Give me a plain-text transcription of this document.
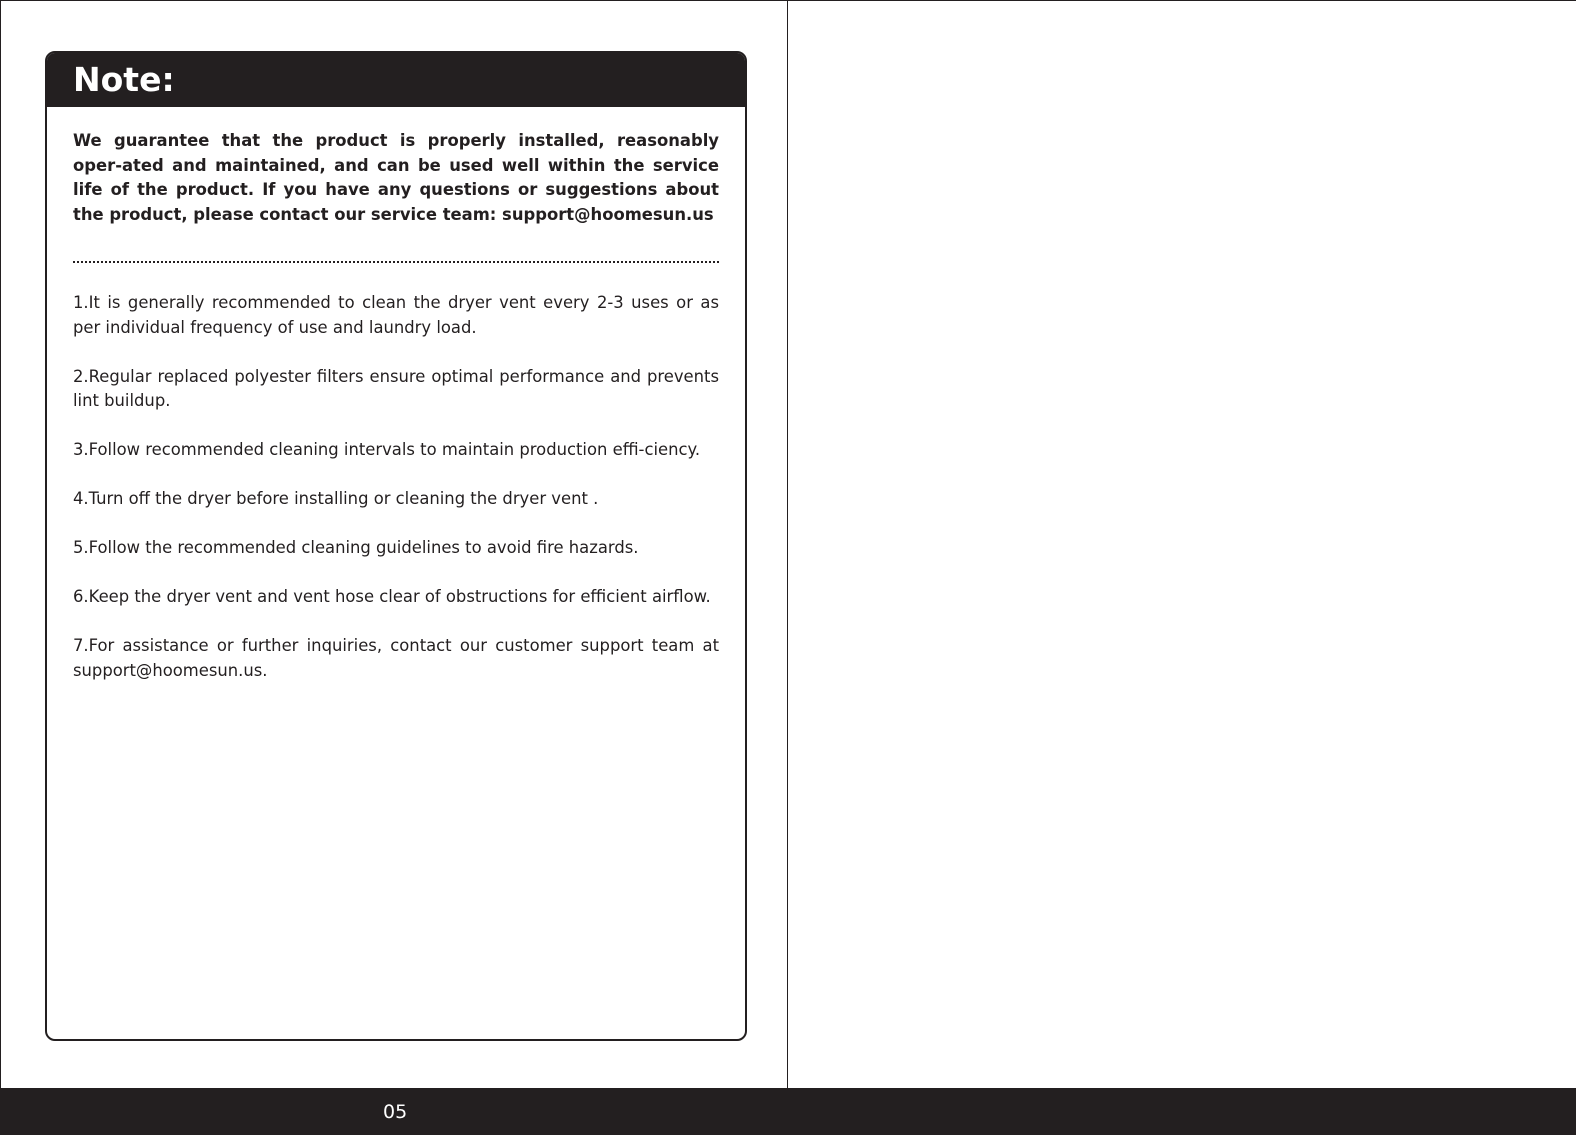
Note:

We guarantee that the product is properly installed, reasonably oper-ated and maintained, and can be used well within the service life of the product. If you have any questions or suggestions about the product, please contact our service team: support@hoomesun.us

1.It is generally recommended to clean the dryer vent every 2-3 uses or as per individual frequency of use and laundry load.
2.Regular replaced polyester filters ensure optimal performance and prevents lint buildup.
3.Follow recommended cleaning intervals to maintain production effi-ciency.
4.Turn off the dryer before installing or cleaning the dryer vent .
5.Follow the recommended cleaning guidelines to avoid fire hazards.
6.Keep the dryer vent and vent hose clear of obstructions for efficient airflow.
7.For assistance or further inquiries, contact our customer support team at support@hoomesun.us.
05
